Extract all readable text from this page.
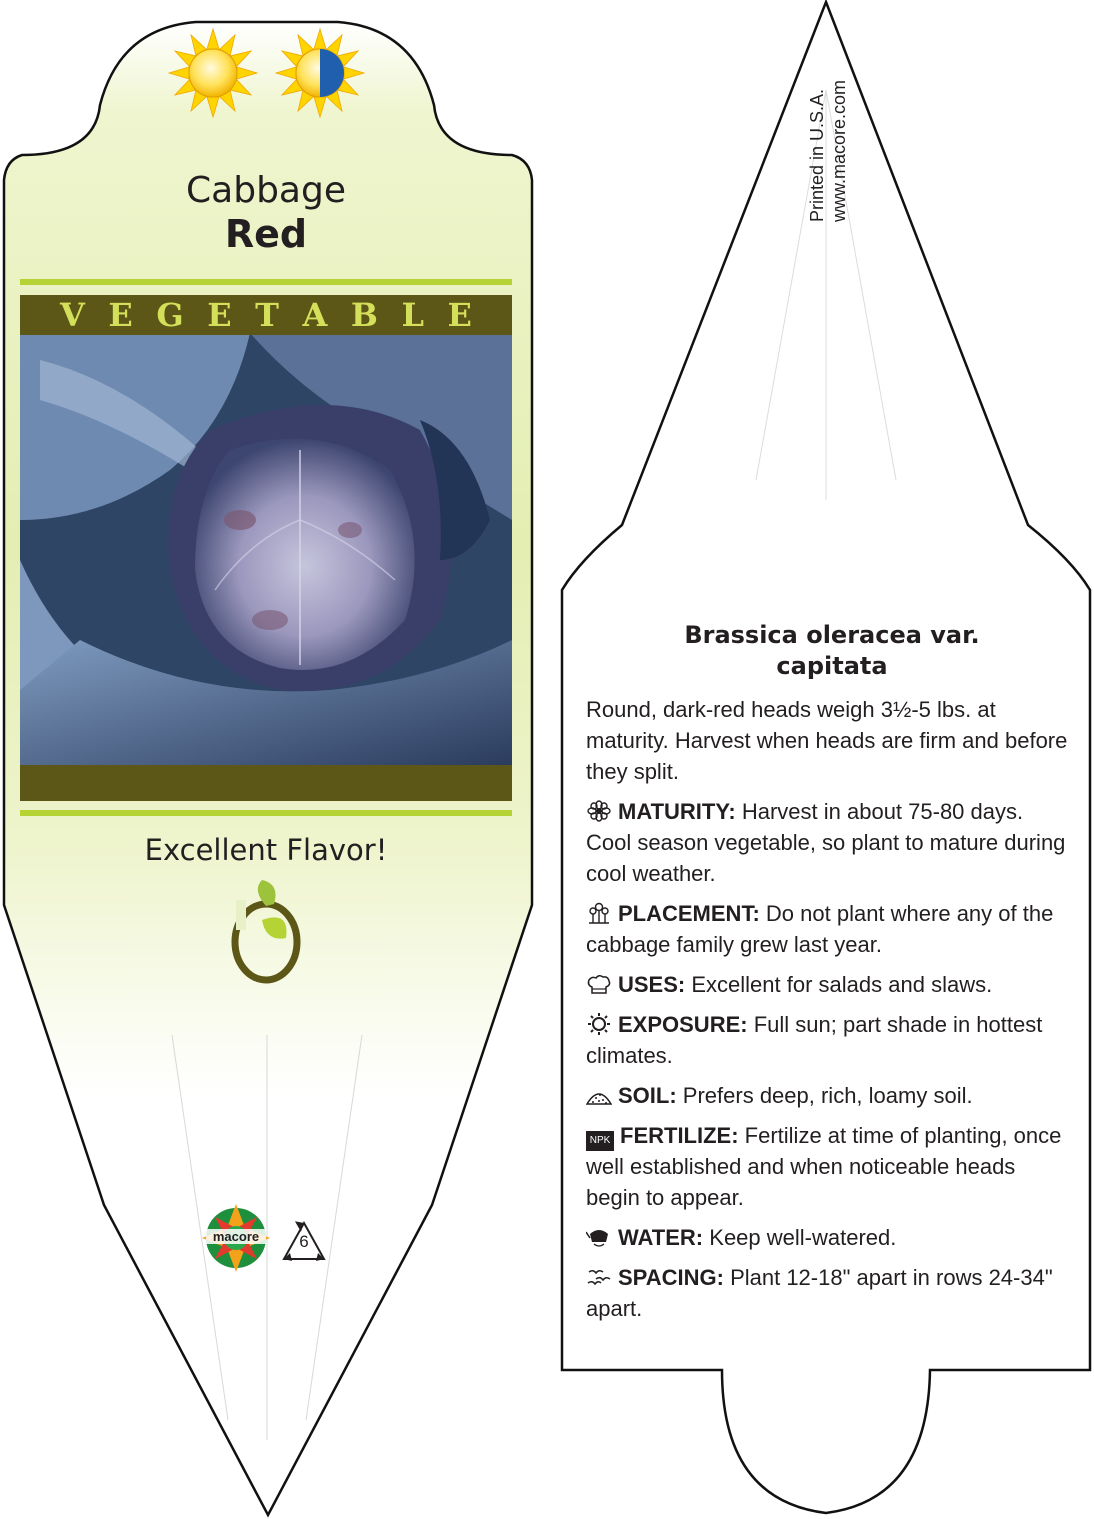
Cabbage
Red
V E G E T A B L E
Excellent Flavor!
macore	6
Printed in U.S.A. www.macore.com
Brassica oleracea var.
capitata
Round, dark-red heads weigh 3½-5 lbs. at maturity. Harvest when heads are firm and before they split.
MATURITY: Harvest in about 75-80 days. Cool season vegetable, so plant to mature during cool weather.
PLACEMENT: Do not plant where any of the cabbage family grew last year.
USES: Excellent for salads and slaws.
EXPOSURE: Full sun; part shade in hottest climates.
SOIL: Prefers deep, rich, loamy soil.
NPK FERTILIZE: Fertilize at time of planting, once well established and when noticeable heads begin to appear.
WATER: Keep well-watered.
SPACING: Plant 12-18" apart in rows 24-34" apart.
